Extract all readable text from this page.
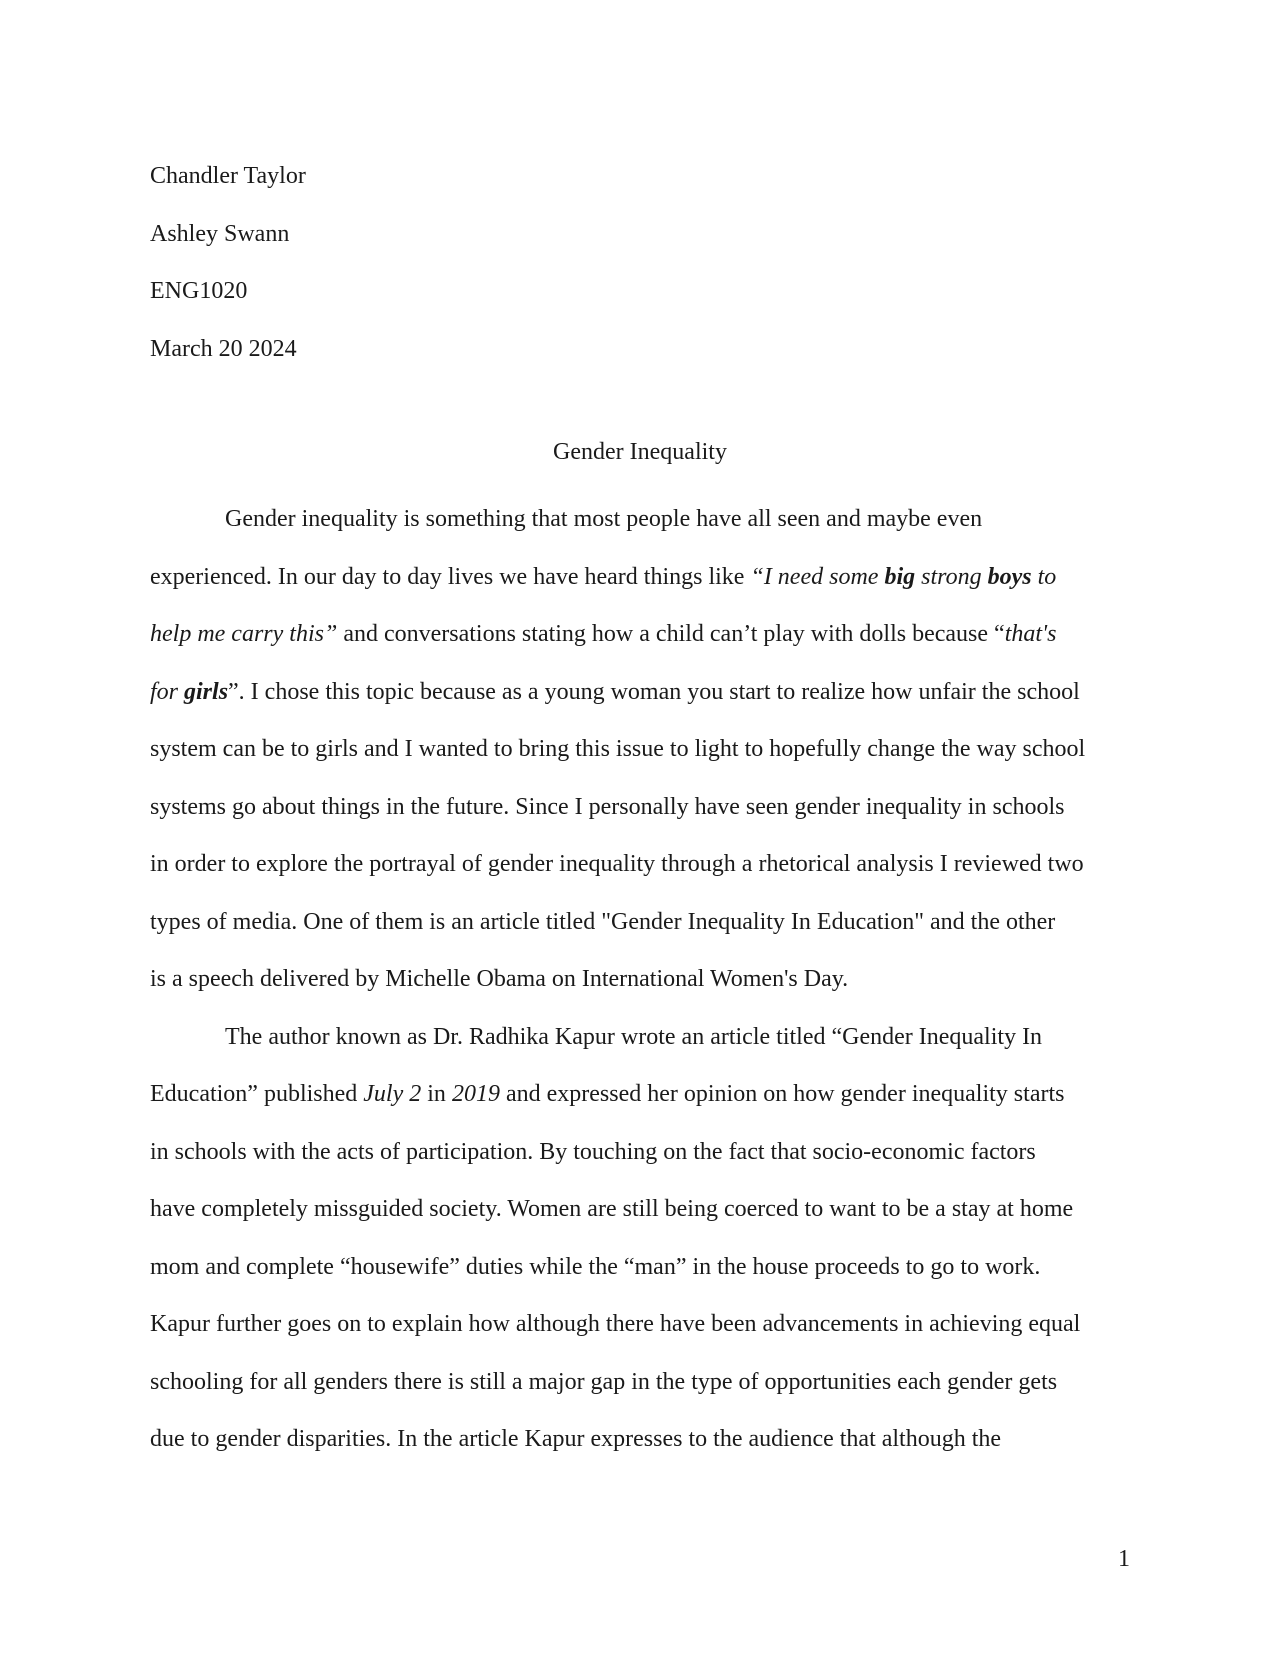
Chandler Taylor
Ashley Swann
ENG1020
March 20 2024
Gender Inequality

Gender inequality is something that most people have all seen and maybe even
experienced. In our day to day lives we have heard things like “I need some big strong boys to
help me carry this” and conversations stating how a child can’t play with dolls because “that's
for girls”. I chose this topic because as a young woman you start to realize how unfair the school
system can be to girls and I wanted to bring this issue to light to hopefully change the way school
systems go about things in the future. Since I personally have seen gender inequality in schools
in order to explore the portrayal of gender inequality through a rhetorical analysis I reviewed two
types of media. One of them is an article titled "Gender Inequality In Education" and the other
is a speech delivered by Michelle Obama on International Women's Day.

The author known as Dr. Radhika Kapur wrote an article titled “Gender Inequality In
Education” published July 2 in 2019 and expressed her opinion on how gender inequality starts
in schools with the acts of participation. By touching on the fact that socio-economic factors
have completely missguided society. Women are still being coerced to want to be a stay at home
mom and complete “housewife” duties while the “man” in the house proceeds to go to work.
Kapur further goes on to explain how although there have been advancements in achieving equal
schooling for all genders there is still a major gap in the type of opportunities each gender gets
due to gender disparities. In the article Kapur expresses to the audience that although the

1
